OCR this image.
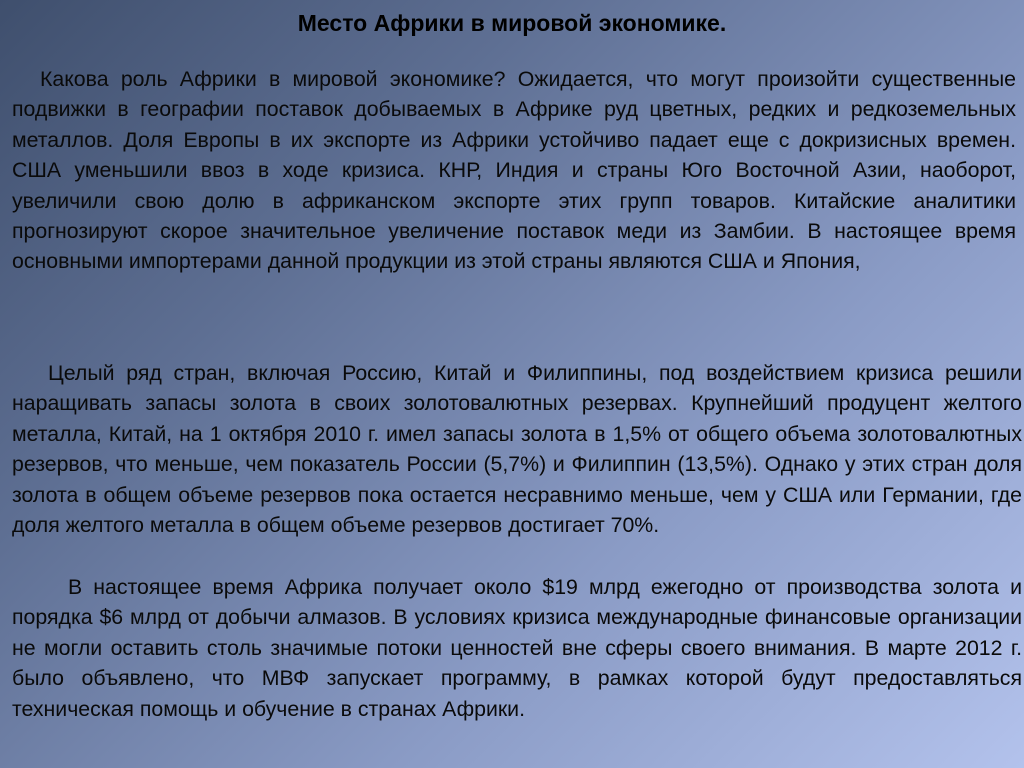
Место Африки в мировой экономике.
Какова роль Африки в мировой экономике? Ожидается, что могут произойти существенные подвижки в географии поставок добываемых в Африке руд цветных, редких и редкоземельных металлов. Доля Европы в их экспорте из Африки устойчиво падает еще с докризисных времен. США уменьшили ввоз в ходе кризиса. КНР, Индия и страны Юго Восточной Азии, наоборот, увеличили свою долю в африканском экспорте этих групп товаров. Китайские аналитики прогнозируют скорое значительное увеличение поставок меди из Замбии. В настоящее время основными импортерами данной продукции из этой страны являются США и Япония,
Целый ряд стран, включая Россию, Китай и Филиппины, под воздействием кризиса решили наращивать запасы золота в своих золотовалютных резервах. Крупнейший продуцент желтого металла, Китай, на 1 октября 2010 г. имел запасы золота в 1,5% от общего объема золотовалютных резервов, что меньше, чем показатель России (5,7%) и Филиппин (13,5%). Однако у этих стран доля золота в общем объеме резервов пока остается несравнимо меньше, чем у США или Германии, где доля желтого металла в общем объеме резервов достигает 70%.
В настоящее время Африка получает около $19 млрд ежегодно от производства золота и порядка $6 млрд от добычи алмазов. В условиях кризиса международные финансовые организации не могли оставить столь значимые потоки ценностей вне сферы своего внимания. В марте 2012 г. было объявлено, что МВФ запускает программу, в рамках которой будут предоставляться техническая помощь и обучение в странах Африки.
